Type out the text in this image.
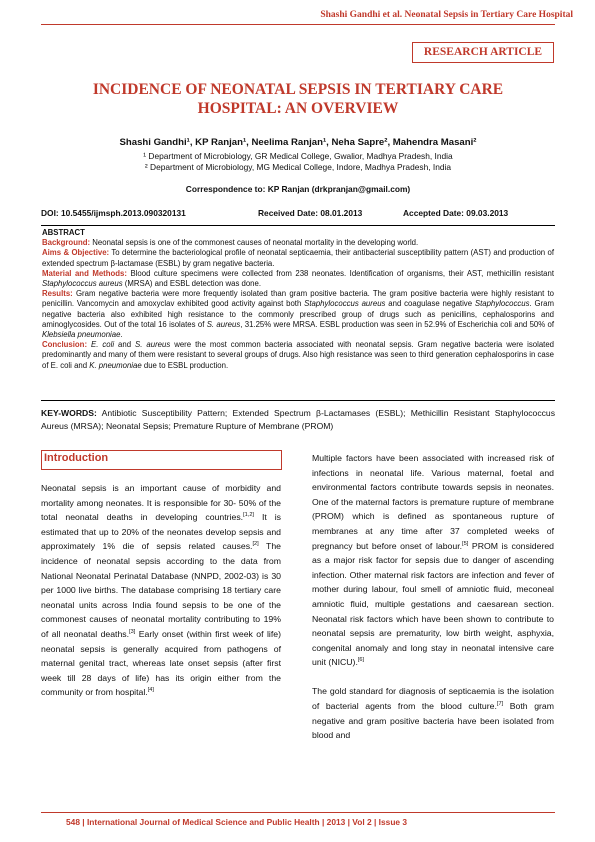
Shashi Gandhi et al. Neonatal Sepsis in Tertiary Care Hospital
RESEARCH ARTICLE
INCIDENCE OF NEONATAL SEPSIS IN TERTIARY CARE
HOSPITAL: AN OVERVIEW
Shashi Gandhi¹, KP Ranjan¹, Neelima Ranjan¹, Neha Sapre², Mahendra Masani²
¹ Department of Microbiology, GR Medical College, Gwalior, Madhya Pradesh, India
² Department of Microbiology, MG Medical College, Indore, Madhya Pradesh, India
Correspondence to: KP Ranjan (drkpranjan@gmail.com)
DOI: 10.5455/ijmsph.2013.090320131	Received Date: 08.01.2013	Accepted Date: 09.03.2013

ABSTRACT

Background: Neonatal sepsis is one of the commonest causes of neonatal mortality in the developing world.

Aims & Objective: To determine the bacteriological profile of neonatal septicaemia, their antibacterial susceptibility pattern (AST) and production of extended spectrum β-lactamase (ESBL) by gram negative bacteria.

Material and Methods: Blood culture specimens were collected from 238 neonates. Identification of organisms, their AST, methicillin resistant Staphylococcus aureus (MRSA) and ESBL detection was done.

Results: Gram negative bacteria were more frequently isolated than gram positive bacteria. The gram positive bacteria were highly resistant to penicillin. Vancomycin and amoxyclav exhibited good activity against both Staphylococcus aureus and coagulase negative Staphylococcus. Gram negative bacteria also exhibited high resistance to the commonly prescribed group of drugs such as penicillins, cephalosporins and aminoglycosides. Out of the total 16 isolates of S. aureus, 31.25% were MRSA. ESBL production was seen in 52.9% of Escherichia coli and 50% of Klebsiella pneumoniae.

Conclusion: E. coli and S. aureus were the most common bacteria associated with neonatal sepsis. Gram negative bacteria were isolated predominantly and many of them were resistant to several groups of drugs. Also high resistance was seen to third generation cephalosporins in case of E. coli and K. pneumoniae due to ESBL production.

KEY-WORDS: Antibiotic Susceptibility Pattern; Extended Spectrum β-Lactamases (ESBL); Methicillin Resistant Staphylococcus Aureus (MRSA); Neonatal Sepsis; Premature Rupture of Membrane (PROM)
Introduction

Neonatal sepsis is an important cause of morbidity and mortality among neonates. It is responsible for 30- 50% of the total neonatal deaths in developing countries.[1,2] It is estimated that up to 20% of the neonates develop sepsis and approximately 1% die of sepsis related causes.[2] The incidence of neonatal sepsis according to the data from National Neonatal Perinatal Database (NNPD, 2002-03) is 30 per 1000 live births. The database comprising 18 tertiary care neonatal units across India found sepsis to be one of the commonest causes of neonatal mortality contributing to 19% of all neonatal deaths.[3] Early onset (within first week of life) neonatal sepsis is generally acquired from pathogens of maternal genital tract, whereas late onset sepsis (after first week till 28 days of life) has its origin either from the community or from hospital.[4]

Multiple factors have been associated with increased risk of infections in neonatal life. Various maternal, foetal and environmental factors contribute towards sepsis in neonates. One of the maternal factors is premature rupture of membrane (PROM) which is defined as spontaneous rupture of membranes at any time after 37 completed weeks of pregnancy but before onset of labour.[5] PROM is considered as a major risk factor for sepsis due to danger of ascending infection. Other maternal risk factors are infection and fever of mother during labour, foul smell of amniotic fluid, meconeal amniotic fluid, multiple gestations and caesarean section. Neonatal risk factors which have been shown to contribute to neonatal sepsis are prematurity, low birth weight, asphyxia, congenital anomaly and long stay in neonatal intensive care unit (NICU).[6]

The gold standard for diagnosis of septicaemia is the isolation of bacterial agents from the blood culture.[7] Both gram negative and gram positive bacteria have been isolated from blood and

548 | International Journal of Medical Science and Public Health | 2013 | Vol 2 | Issue 3
